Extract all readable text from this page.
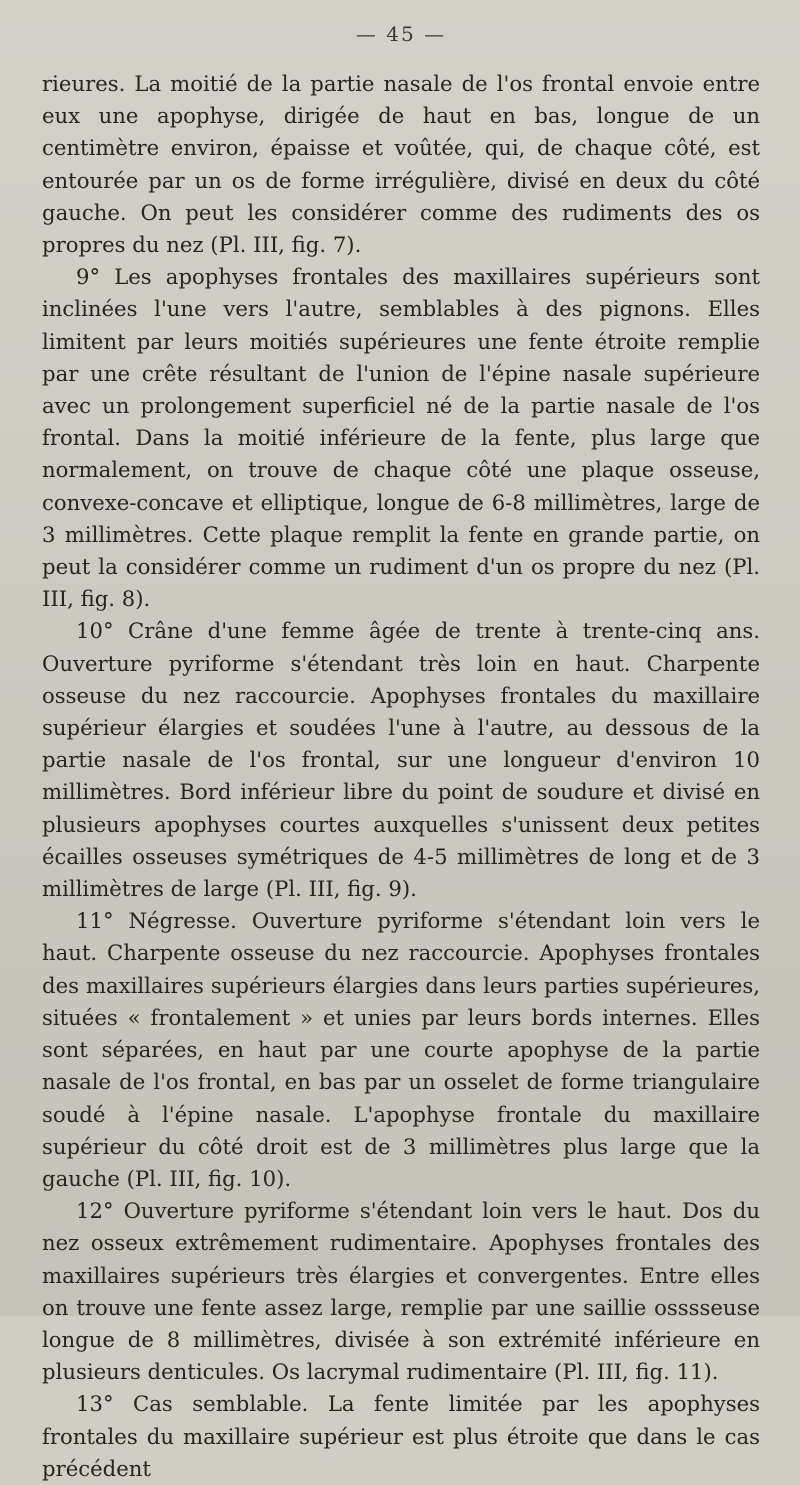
— 45 —

rieures. La moitié de la partie nasale de l'os frontal envoie entre eux une apophyse, dirigée de haut en bas, longue de un centimètre environ, épaisse et voûtée, qui, de chaque côté, est entourée par un os de forme irrégulière, divisé en deux du côté gauche. On peut les considérer comme des rudiments des os propres du nez (Pl. III, fig. 7).

9° Les apophyses frontales des maxillaires supérieurs sont inclinées l'une vers l'autre, semblables à des pignons. Elles limitent par leurs moitiés supérieures une fente étroite remplie par une crête résultant de l'union de l'épine nasale supérieure avec un prolongement superficiel né de la partie nasale de l'os frontal. Dans la moitié inférieure de la fente, plus large que normalement, on trouve de chaque côté une plaque osseuse, convexe-concave et elliptique, longue de 6-8 millimètres, large de 3 millimètres. Cette plaque remplit la fente en grande partie, on peut la considérer comme un rudiment d'un os propre du nez (Pl. III, fig. 8).

10° Crâne d'une femme âgée de trente à trente-cinq ans. Ouverture pyriforme s'étendant très loin en haut. Charpente osseuse du nez raccourcie. Apophyses frontales du maxillaire supérieur élargies et soudées l'une à l'autre, au dessous de la partie nasale de l'os frontal, sur une longueur d'environ 10 millimètres. Bord inférieur libre du point de soudure et divisé en plusieurs apophyses courtes auxquelles s'unissent deux petites écailles osseuses symétriques de 4-5 millimètres de long et de 3 millimètres de large (Pl. III, fig. 9).

11° Négresse. Ouverture pyriforme s'étendant loin vers le haut. Charpente osseuse du nez raccourcie. Apophyses frontales des maxillaires supérieurs élargies dans leurs parties supérieures, situées « frontalement » et unies par leurs bords internes. Elles sont séparées, en haut par une courte apophyse de la partie nasale de l'os frontal, en bas par un osselet de forme triangulaire soudé à l'épine nasale. L'apophyse frontale du maxillaire supérieur du côté droit est de 3 millimètres plus large que la gauche (Pl. III, fig. 10).

12° Ouverture pyriforme s'étendant loin vers le haut. Dos du nez osseux extrêmement rudimentaire. Apophyses frontales des maxillaires supérieurs très élargies et convergentes. Entre elles on trouve une fente assez large, remplie par une saillie osssseuse longue de 8 millimètres, divisée à son extrémité inférieure en plusieurs denticules. Os lacrymal rudimentaire (Pl. III, fig. 11).

13° Cas semblable. La fente limitée par les apophyses frontales du maxillaire supérieur est plus étroite que dans le cas précédent
